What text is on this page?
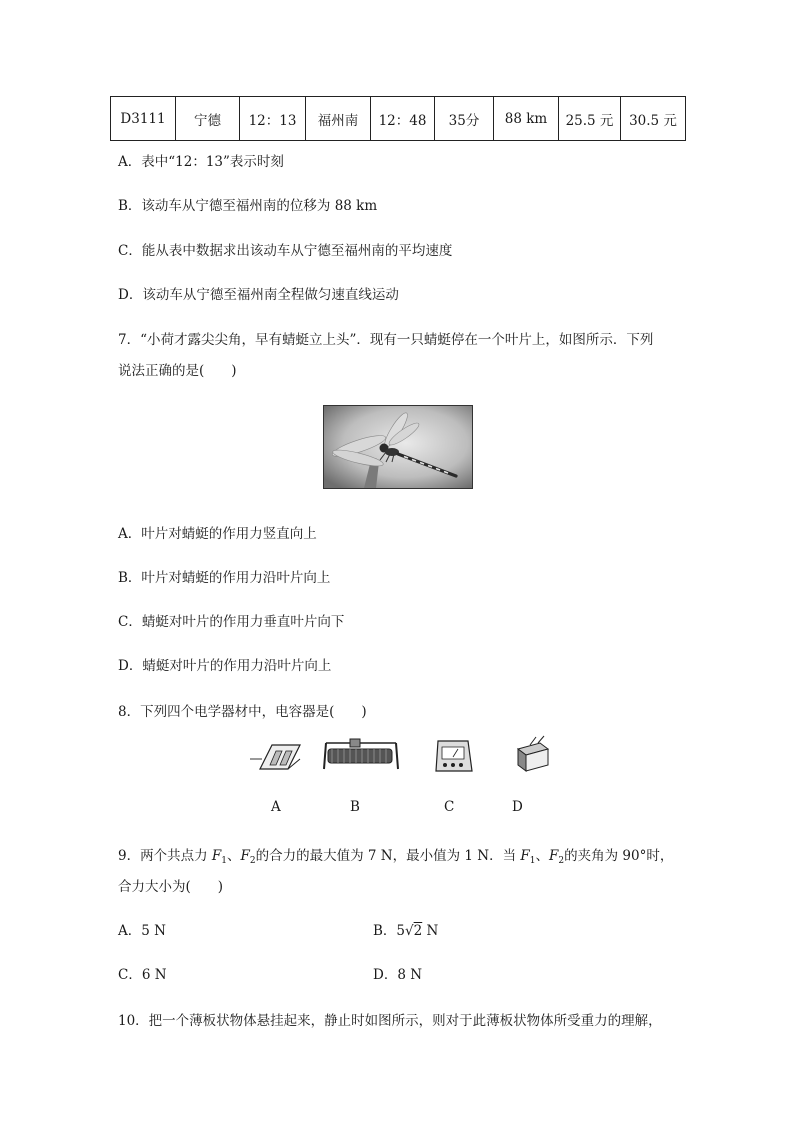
D3111	宁德	12：13	福州南	12：48	35分	88 km	25.5 元	30.5 元
A．表中“12：13”表示时刻
B．该动车从宁德至福州南的位移为 88 km
C．能从表中数据求出该动车从宁德至福州南的平均速度
D．该动车从宁德至福州南全程做匀速直线运动
7．“小荷才露尖尖角，早有蜻蜓立上头”．现有一只蜻蜓停在一个叶片上，如图所示．下列
说法正确的是(　　)
A．叶片对蜻蜓的作用力竖直向上
B．叶片对蜻蜓的作用力沿叶片向上
C．蜻蜓对叶片的作用力垂直叶片向下
D．蜻蜓对叶片的作用力沿叶片向上
8．下列四个电学器材中，电容器是(　　)
A	B	C	D
9．两个共点力 $F_1$、$F_2$的合力的最大值为 7 N，最小值为 1 N．当 $F_1$、$F_2$的夹角为 90°时，
合力大小为(　　)
A．5 N	B．5√2 N
C．6 N	D．8 N
10．把一个薄板状物体悬挂起来，静止时如图所示，则对于此薄板状物体所受重力的理解，
